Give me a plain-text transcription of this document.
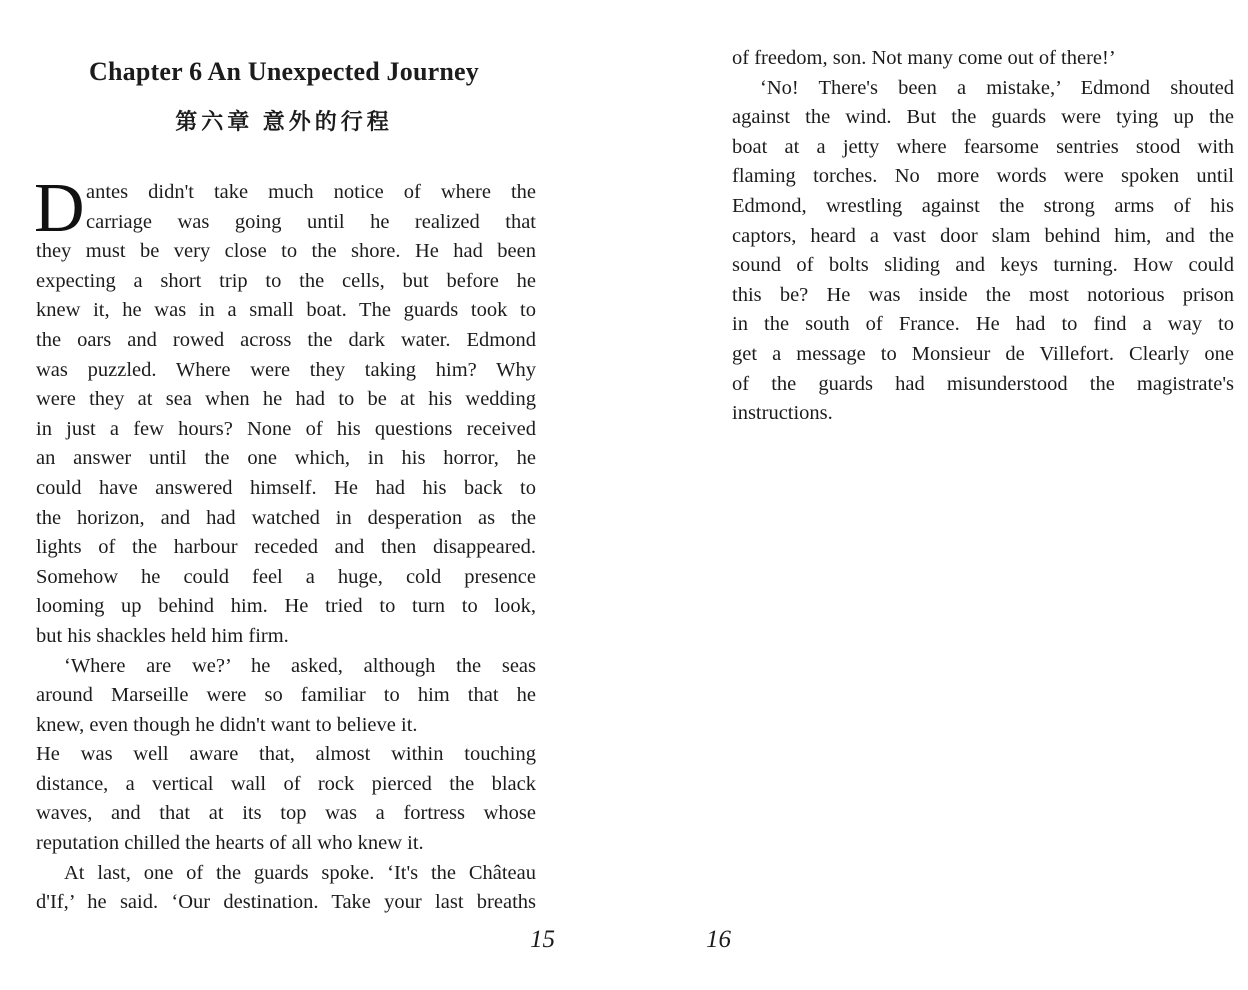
Chapter 6 An Unexpected Journey
第六章 意外的行程
D antes didn't take much notice of where the
carriage was going until he realized that
they must be very close to the shore. He had been
expecting a short trip to the cells, but before he
knew it, he was in a small boat. The guards took to
the oars and rowed across the dark water. Edmond
was puzzled. Where were they taking him? Why
were they at sea when he had to be at his wedding
in just a few hours? None of his questions received
an answer until the one which, in his horror, he
could have answered himself. He had his back to
the horizon, and had watched in desperation as the
lights of the harbour receded and then disappeared.
Somehow he could feel a huge, cold presence
looming up behind him. He tried to turn to look,
but his shackles held him firm.
‘Where are we?’ he asked, although the seas
around Marseille were so familiar to him that he
knew, even though he didn't want to believe it.
He was well aware that, almost within touching
distance, a vertical wall of rock pierced the black
waves, and that at its top was a fortress whose
reputation chilled the hearts of all who knew it.
At last, one of the guards spoke. ‘It's the Château
d'If,’ he said. ‘Our destination. Take your last breaths
15
of freedom, son. Not many come out of there!’
‘No! There's been a mistake,’ Edmond shouted
against the wind. But the guards were tying up the
boat at a jetty where fearsome sentries stood with
flaming torches. No more words were spoken until
Edmond, wrestling against the strong arms of his
captors, heard a vast door slam behind him, and the
sound of bolts sliding and keys turning. How could
this be? He was inside the most notorious prison
in the south of France. He had to find a way to
get a message to Monsieur de Villefort. Clearly one
of the guards had misunderstood the magistrate's
instructions.
16
